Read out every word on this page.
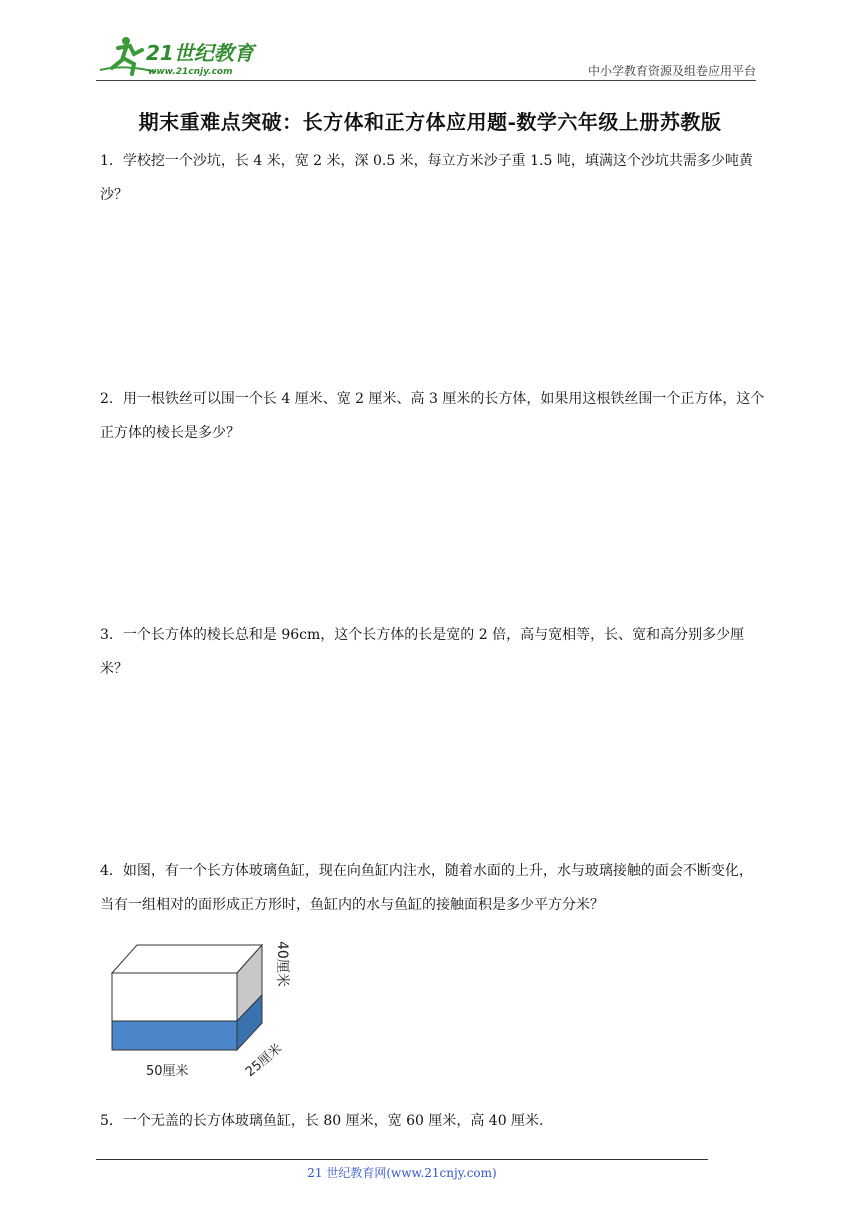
21世纪教育
www.21cnjy.com	中小学教育资源及组卷应用平台
期末重难点突破：长方体和正方体应用题-数学六年级上册苏教版
1．学校挖一个沙坑，长 4 米，宽 2 米，深 0.5 米，每立方米沙子重 1.5 吨，填满这个沙坑共需多少吨黄沙？
2．用一根铁丝可以围一个长 4 厘米、宽 2 厘米、高 3 厘米的长方体，如果用这根铁丝围一个正方体，这个正方体的棱长是多少？
3．一个长方体的棱长总和是 96cm，这个长方体的长是宽的 2 倍，高与宽相等，长、宽和高分别多少厘米？
4．如图，有一个长方体玻璃鱼缸，现在向鱼缸内注水，随着水面的上升，水与玻璃接触的面会不断变化，当有一组相对的面形成正方形时，鱼缸内的水与鱼缸的接触面积是多少平方分米？
40厘米
50厘米	25厘米
5．一个无盖的长方体玻璃鱼缸，长 80 厘米，宽 60 厘米，高 40 厘米.
21 世纪教育网(www.21cnjy.com)
